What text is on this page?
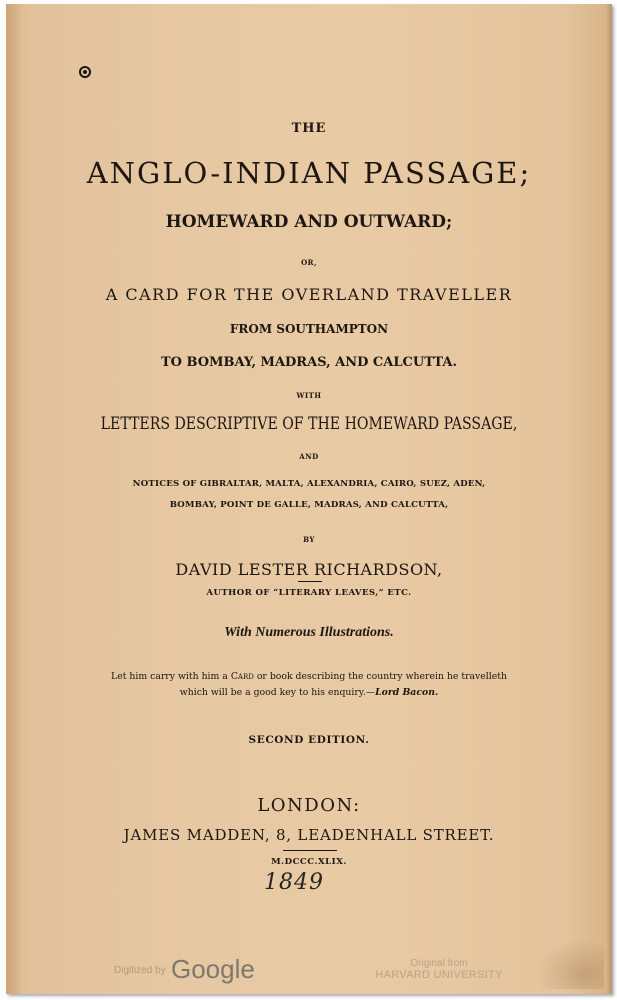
THE
ANGLO-INDIAN PASSAGE;
HOMEWARD AND OUTWARD;
OR,
A CARD FOR THE OVERLAND TRAVELLER
FROM SOUTHAMPTON
TO BOMBAY, MADRAS, AND CALCUTTA.
WITH
LETTERS DESCRIPTIVE OF THE HOMEWARD PASSAGE,
AND
NOTICES OF GIBRALTAR, MALTA, ALEXANDRIA, CAIRO, SUEZ, ADEN,
BOMBAY, POINT DE GALLE, MADRAS, AND CALCUTTA,
BY
DAVID LESTER RICHARDSON,
AUTHOR OF “LITERARY LEAVES,” ETC.
With Numerous Illustrations.
Let him carry with him a Card or book describing the country wherein he travelleth
which will be a good key to his enquiry.—Lord Bacon.
SECOND EDITION.
LONDON:
JAMES MADDEN, 8, LEADENHALL STREET.
M.DCCC.XLIX.
1849
Digitized by Google	Original from
HARVARD UNIVERSITY
